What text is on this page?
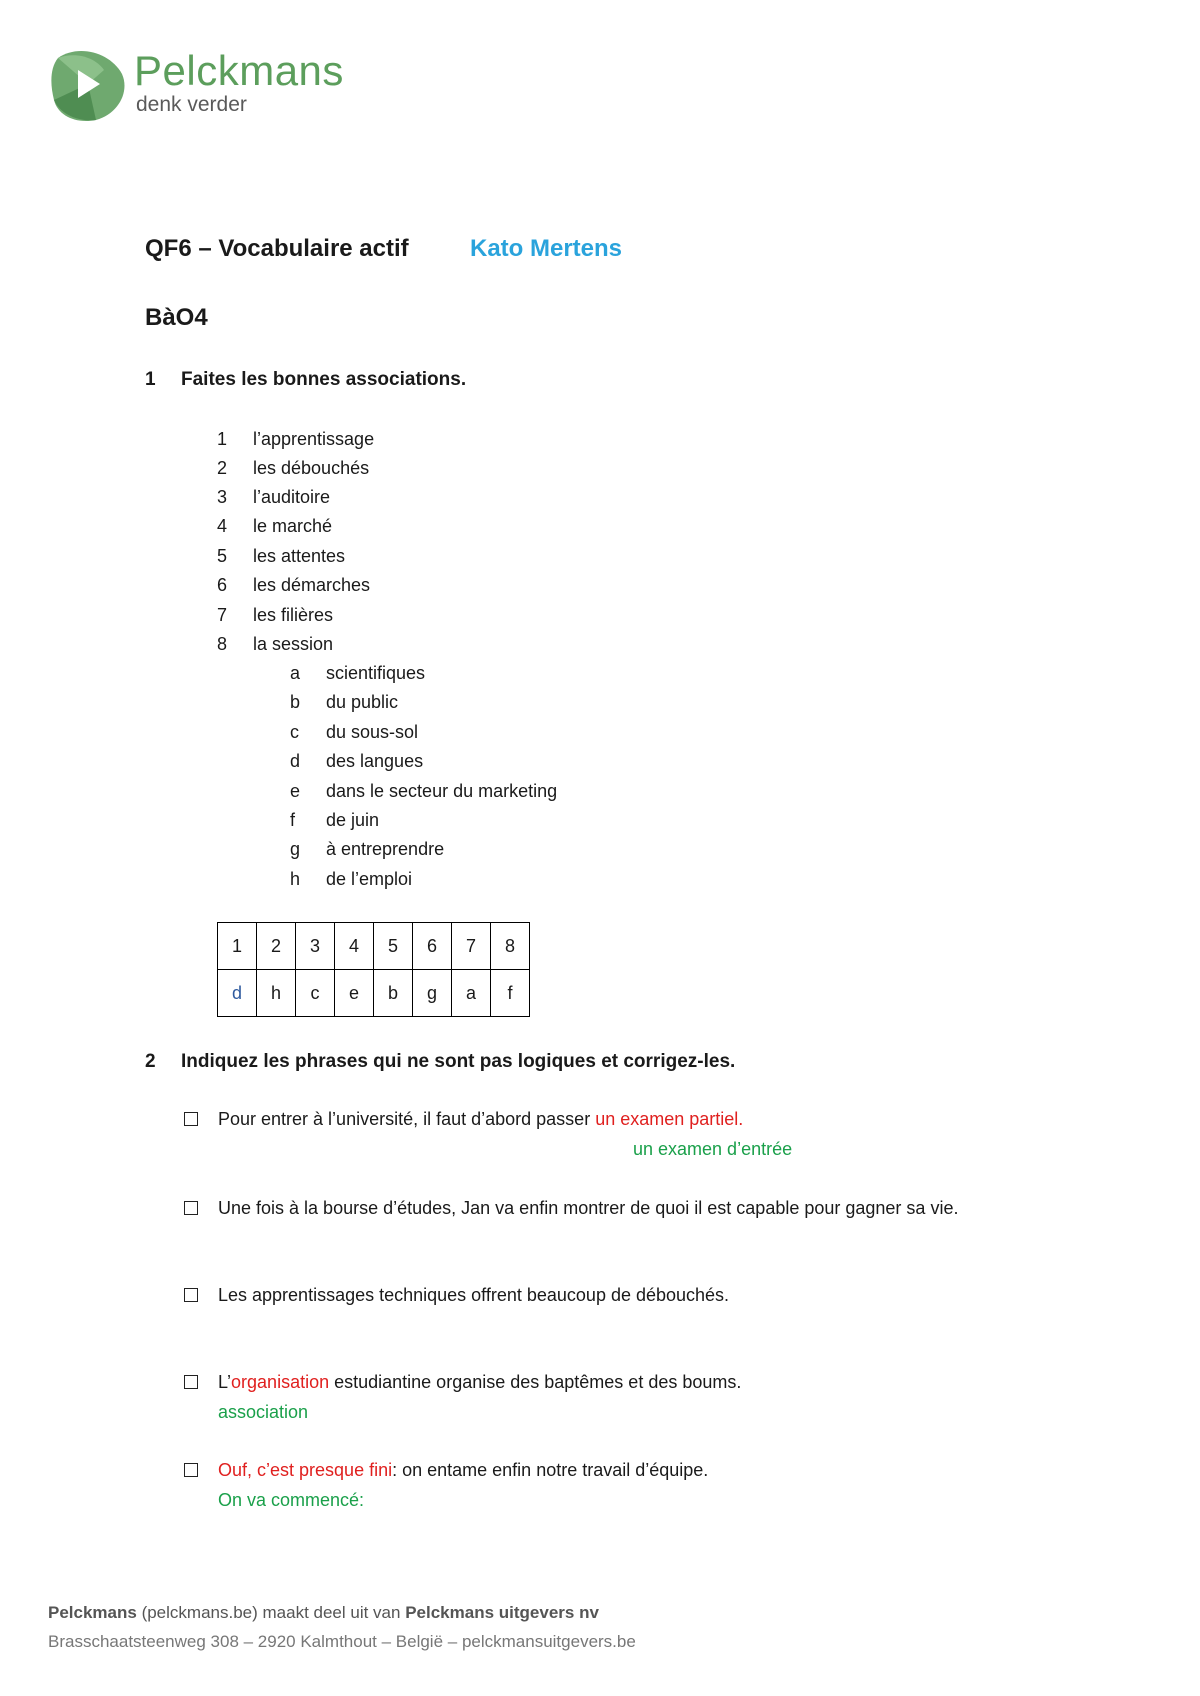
Pelckmans
denk verder
QF6 – Vocabulaire actif	Kato Mertens
BàO4
1 Faites les bonnes associations.
1 l’apprentissage
2 les débouchés
3 l’auditoire
4 le marché
5 les attentes
6 les démarches
7 les filières
8 la session
a scientifiques
b du public
c du sous-sol
d des langues
e dans le secteur du marketing
f de juin
g à entreprendre
h de l’emploi
1	2	3	4	5	6	7	8
d	h	c	e	b	g	a	f
2 Indiquez les phrases qui ne sont pas logiques et corrigez-les.
Pour entrer à l’université, il faut d’abord passer un examen partiel.
un examen d’entrée
Une fois à la bourse d’études, Jan va enfin montrer de quoi il est capable pour gagner sa vie.
Les apprentissages techniques offrent beaucoup de débouchés.
L’organisation estudiantine organise des baptêmes et des boums.
association
Ouf, c’est presque fini: on entame enfin notre travail d’équipe.
On va commencé:
Pelckmans (pelckmans.be) maakt deel uit van Pelckmans uitgevers nv
Brasschaatsteenweg 308 – 2920 Kalmthout – België – pelckmansuitgevers.be
